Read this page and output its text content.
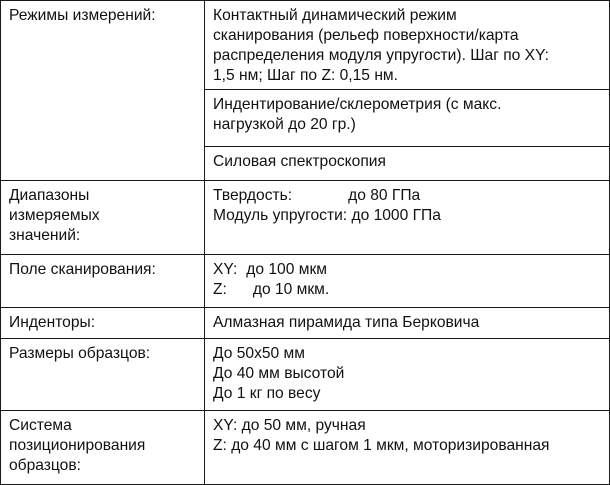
Режимы измерений:	Контактный динамический режим
сканирования (рельеф поверхности/карта
распределения модуля упругости). Шаг по XY:
1,5 нм; Шаг по Z: 0,15 нм.

	Индентирование/склерометрия (с макс.
нагрузкой до 20 гр.)

	Силовая спектроскопия

Диапазоны
измеряемых
значений:	Твердость: до 80 ГПа
Модуль упругости: до 1000 ГПа

Поле сканирования:	XY: до 100 мкм
Z: до 10 мкм.

Инденторы:	Алмазная пирамида типа Берковича

Размеры образцов:	До 50x50 мм
До 40 мм высотой
До 1 кг по весу

Система
позиционирования
образцов:	XY: до 50 мм, ручная
Z: до 40 мм с шагом 1 мкм, моторизированная
